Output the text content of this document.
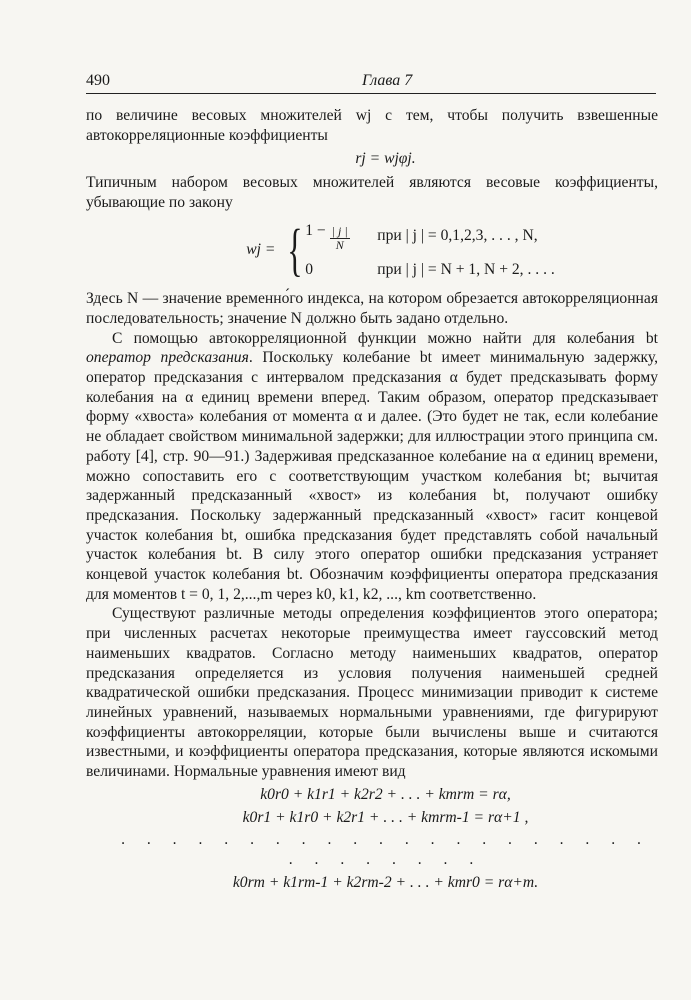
490	Глава 7

по величине весовых множителей wj с тем, чтобы получить взвешенные автокорреляционные коэффициенты

rj = wjφj.

Типичным набором весовых множителей являются весовые коэффициенты, убывающие по закону

wj = { $1 - \frac{| j |}{N}$ при | j | = 0,1,2,3, . . . , N,
0	при | j | = N + 1, N + 2, . . . .

Здесь N — значение временно́го индекса, на котором обрезается автокорреляционная последовательность; значение N должно быть задано отдельно.

С помощью автокорреляционной функции можно найти для колебания bt оператор предсказания. Поскольку колебание bt имеет минимальную задержку, оператор предсказания с интервалом предсказания α будет предсказывать форму колебания на α единиц времени вперед. Таким образом, оператор предсказывает форму «хвоста» колебания от момента α и далее. (Это будет не так, если колебание не обладает свойством минимальной задержки; для иллюстрации этого принципа см. работу [4], стр. 90—91.) Задерживая предсказанное колебание на α единиц времени, можно сопоставить его с соответствующим участком колебания bt; вычитая задержанный предсказанный «хвост» из колебания bt, получают ошибку предсказания. Поскольку задержанный предсказанный «хвост» гасит концевой участок колебания bt, ошибка предсказания будет представлять собой начальный участок колебания bt. В силу этого оператор ошибки предсказания устраняет концевой участок колебания bt. Обозначим коэффициенты оператора предсказания для моментов t = 0, 1, 2,...,m через k0, k1, k2, ..., km соответственно.

Существуют различные методы определения коэффициентов этого оператора; при численных расчетах некоторые преимущества имеет гауссовский метод наименьших квадратов. Согласно методу наименьших квадратов, оператор предсказания определяется из условия получения наименьшей средней квадратической ошибки предсказания. Процесс минимизации приводит к системе линейных уравнений, называемых нормальными уравнениями, где фигурируют коэффициенты автокорреляции, которые были вычислены выше и считаются известными, и коэффициенты оператора предсказания, которые являются искомыми величинами. Нормальные уравнения имеют вид

k0r0 + k1r1 + k2r2 + . . . + kmrm = rα,
k0r1 + k1r0 + k2r1 + . . . + kmrm-1 = rα+1 ,
. . . . . . . . . . . . . . . . . . . . . . . . . . . . .
k0rm + k1rm-1 + k2rm-2 + . . . + kmr0 = rα+m.
